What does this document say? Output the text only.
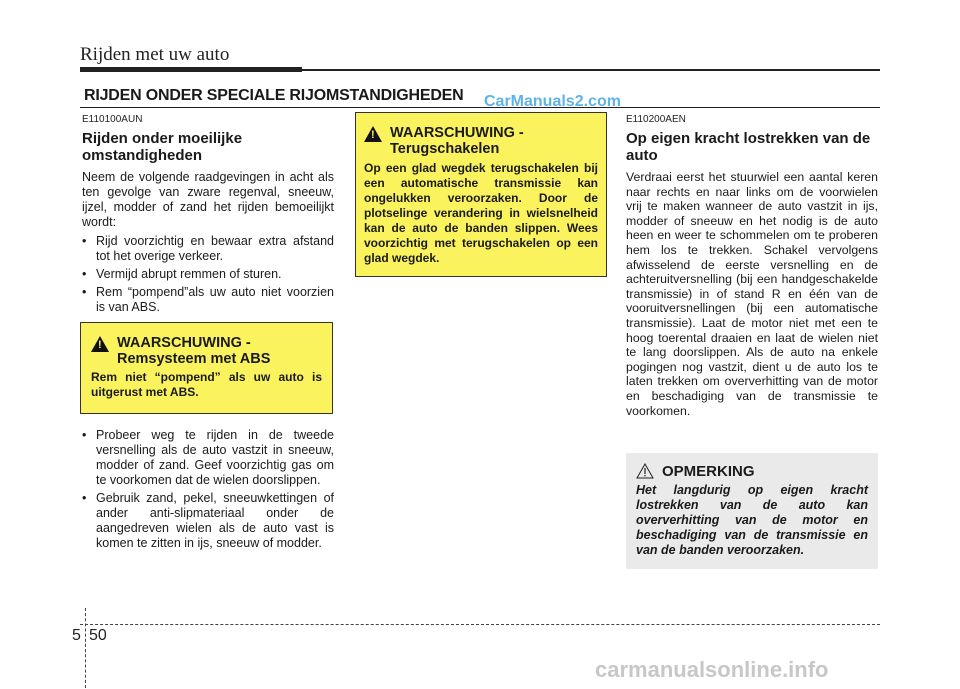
Rijden met uw auto
RIJDEN ONDER SPECIALE RIJOMSTANDIGHEDEN CarManuals2.com
E110100AUN
Rijden onder moeilijke omstandigheden
Neem de volgende raadgevingen in acht als ten gevolge van zware regenval, sneeuw, ijzel, modder of zand het rijden bemoeilijkt wordt:
• Rijd voorzichtig en bewaar extra afstand tot het overige verkeer.
• Vermijd abrupt remmen of sturen.
• Rem “pompend”als uw auto niet voorzien is van ABS.
!
WAARSCHUWING -
Remsysteem met ABS
Rem niet “pompend” als uw auto is uitgerust met ABS.
• Probeer weg te rijden in de tweede versnelling als de auto vastzit in sneeuw, modder of zand. Geef voorzichtig gas om te voorkomen dat de wielen doorslippen.
• Gebruik zand, pekel, sneeuwkettingen of ander anti-slipmateriaal onder de aangedreven wielen als de auto vast is komen te zitten in ijs, sneeuw of modder.
!
WAARSCHUWING -
Terugschakelen
Op een glad wegdek terugschakelen bij een automatische transmissie kan ongelukken veroorzaken. Door de plotselinge verandering in wielsnelheid kan de auto de banden slippen. Wees voorzichtig met terugschakelen op een glad wegdek.
E110200AEN
Op eigen kracht lostrekken van de auto
Verdraai eerst het stuurwiel een aantal keren naar rechts en naar links om de voorwielen vrij te maken wanneer de auto vastzit in ijs, modder of sneeuw en het nodig is de auto heen en weer te schommelen om te proberen hem los te trekken. Schakel vervolgens afwisselend de eerste versnelling en de achteruitversnelling (bij een handgeschakelde transmissie) in of stand R en één van de vooruitversnellingen (bij een automatische transmissie). Laat de motor niet met een te hoog toerental draaien en laat de wielen niet te lang doorslippen. Als de auto na enkele pogingen nog vastzit, dient u de auto los te laten trekken om oververhitting van de motor en beschadiging van de transmissie te voorkomen.
OPMERKING
Het langdurig op eigen kracht lostrekken van de auto kan oververhitting van de motor en beschadiging van de transmissie en van de banden veroorzaken.
5 50
carmanualsonline.info
